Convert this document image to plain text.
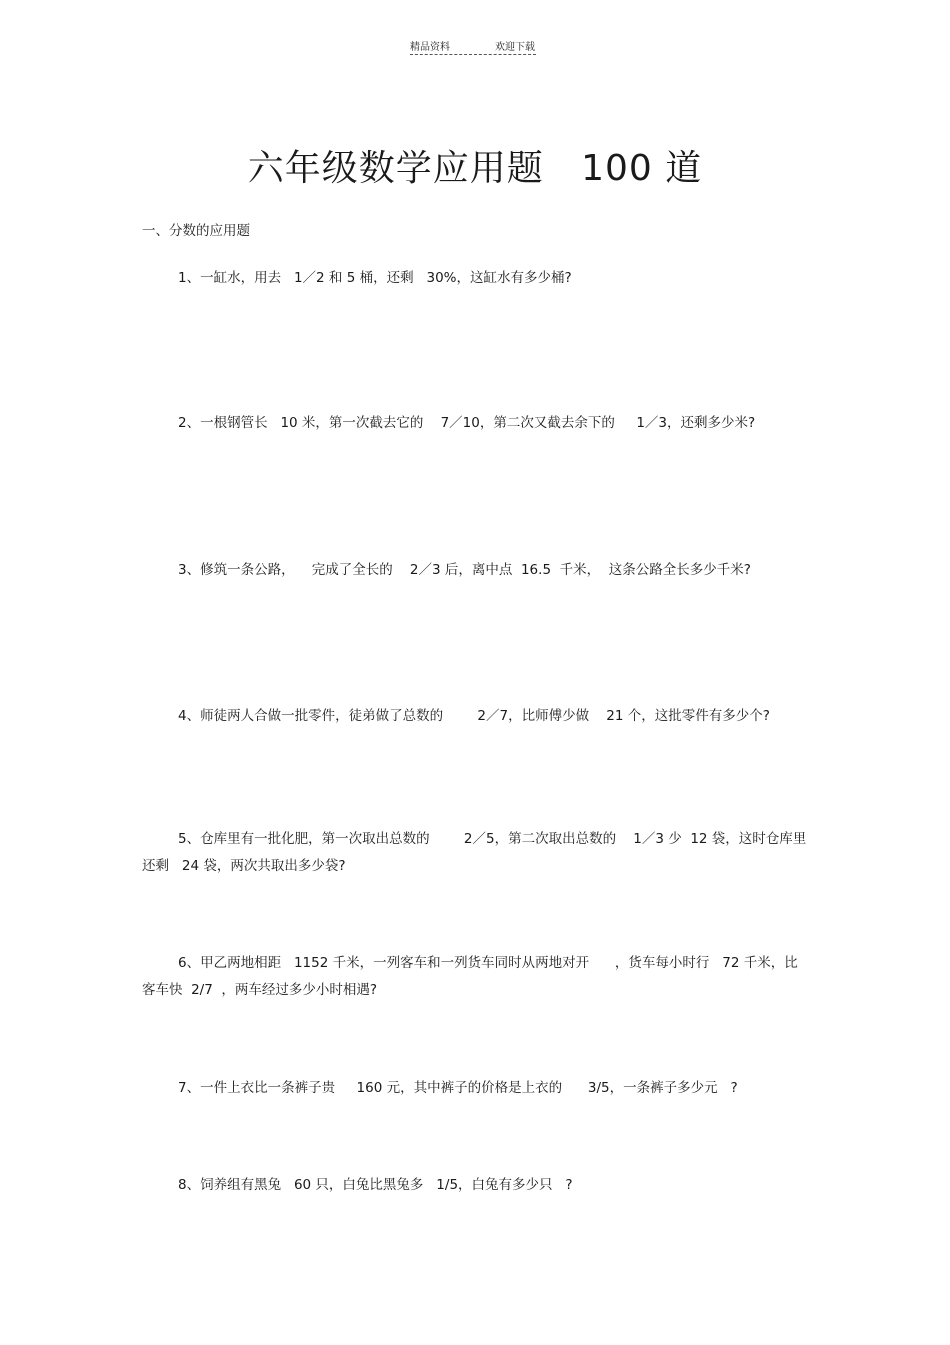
精品资料	欢迎下载
六年级数学应用题   100 道
一、分数的应用题

1、一缸水，用去   1／2 和 5 桶，还剩   30%，这缸水有多少桶?

2、一根钢管长   10 米，第一次截去它的    7／10，第二次又截去余下的     1／3，还剩多少米?

3、修筑一条公路，    完成了全长的    2／3 后，离中点  16.5  千米，  这条公路全长多少千米?

4、师徒两人合做一批零件，徒弟做了总数的        2／7，比师傅少做    21 个，这批零件有多少个?

5、仓库里有一批化肥，第一次取出总数的        2／5，第二次取出总数的    1／3 少  12 袋，这时仓库里还剩   24 袋，两次共取出多少袋?

6、甲乙两地相距   1152 千米，一列客车和一列货车同时从两地对开      ，货车每小时行   72 千米，比客车快  2/7  ，两车经过多少小时相遇?

7、一件上衣比一条裤子贵     160 元，其中裤子的价格是上衣的      3/5，一条裤子多少元   ?

8、饲养组有黑兔   60 只，白兔比黑兔多   1/5，白兔有多少只   ?
